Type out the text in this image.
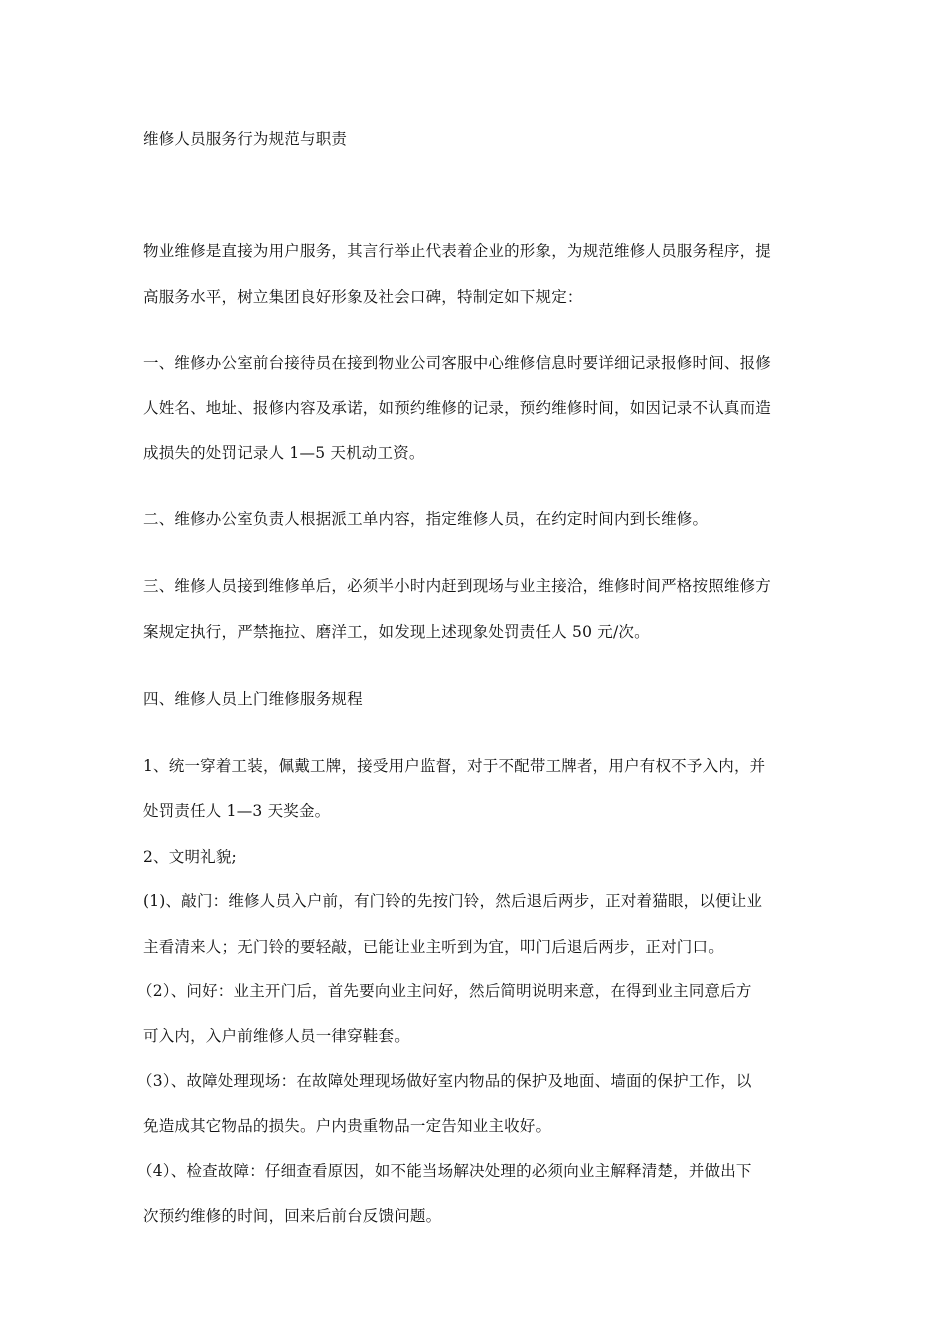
维修人员服务行为规范与职责
物业维修是直接为用户服务，其言行举止代表着企业的形象，为规范维修人员服务程序，提
高服务水平，树立集团良好形象及社会口碑，特制定如下规定：
一、维修办公室前台接待员在接到物业公司客服中心维修信息时要详细记录报修时间、报修
人姓名、地址、报修内容及承诺，如预约维修的记录，预约维修时间，如因记录不认真而造
成损失的处罚记录人 1—5 天机动工资。
二、维修办公室负责人根据派工单内容，指定维修人员，在约定时间内到长维修。
三、维修人员接到维修单后，必须半小时内赶到现场与业主接洽，维修时间严格按照维修方
案规定执行，严禁拖拉、磨洋工，如发现上述现象处罚责任人 50 元/次。
四、维修人员上门维修服务规程
1、统一穿着工装，佩戴工牌，接受用户监督，对于不配带工牌者，用户有权不予入内，并
处罚责任人 1—3 天奖金。
2、文明礼貌;
(1)、敲门：维修人员入户前，有门铃的先按门铃，然后退后两步，正对着猫眼，以便让业
主看清来人；无门铃的要轻敲，已能让业主听到为宜，叩门后退后两步，正对门口。
（2）、问好：业主开门后，首先要向业主问好，然后简明说明来意，在得到业主同意后方
可入内，入户前维修人员一律穿鞋套。
（3）、故障处理现场：在故障处理现场做好室内物品的保护及地面、墙面的保护工作，以
免造成其它物品的损失。户内贵重物品一定告知业主收好。
（4）、检查故障：仔细查看原因，如不能当场解决处理的必须向业主解释清楚，并做出下
次预约维修的时间，回来后前台反馈问题。
